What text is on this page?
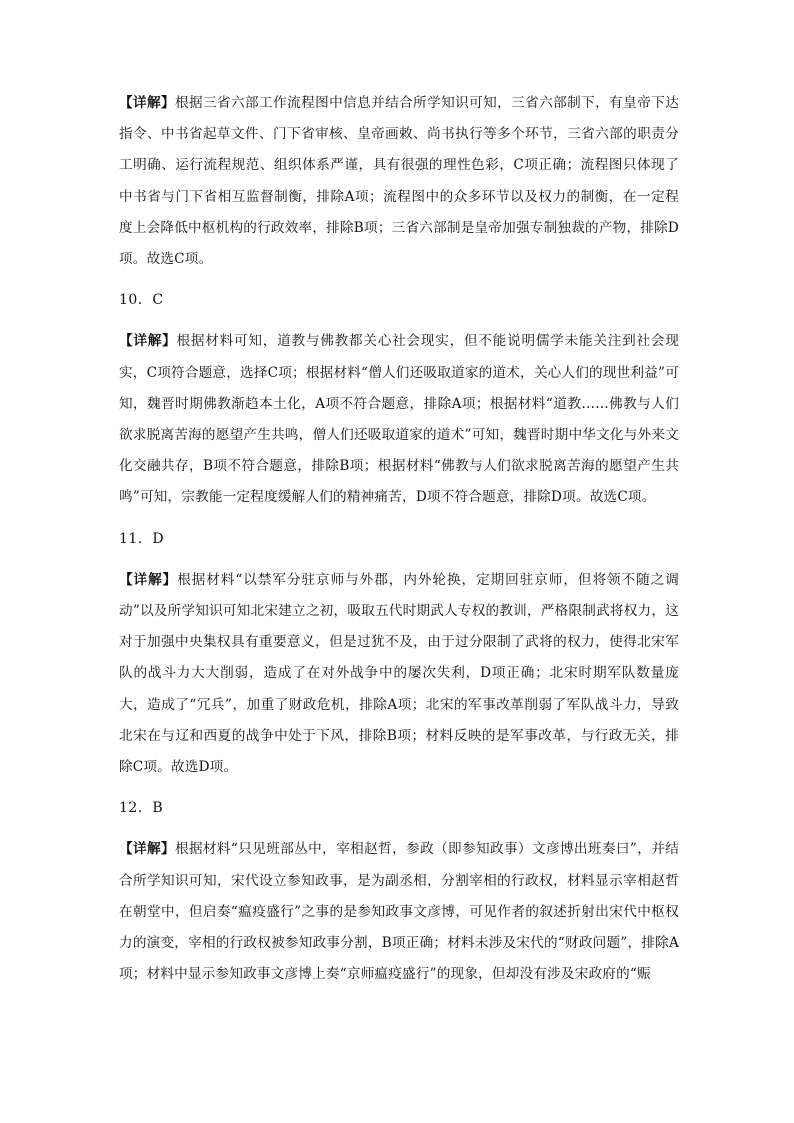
【详解】根据三省六部工作流程图中信息并结合所学知识可知，三省六部制下，有皇帝下达指令、中书省起草文件、门下省审核、皇帝画敕、尚书执行等多个环节，三省六部的职责分工明确、运行流程规范、组织体系严谨，具有很强的理性色彩，C项正确；流程图只体现了中书省与门下省相互监督制衡，排除A项；流程图中的众多环节以及权力的制衡，在一定程度上会降低中枢机构的行政效率，排除B项；三省六部制是皇帝加强专制独裁的产物，排除D项。故选C项。

10．C

【详解】根据材料可知，道教与佛教都关心社会现实，但不能说明儒学未能关注到社会现实，C项符合题意，选择C项；根据材料“僧人们还吸取道家的道术，关心人们的现世利益”可知，魏晋时期佛教渐趋本土化，A项不符合题意，排除A项；根据材料“道教……佛教与人们欲求脱离苦海的愿望产生共鸣，僧人们还吸取道家的道术”可知，魏晋时期中华文化与外来文化交融共存，B项不符合题意，排除B项；根据材料“佛教与人们欲求脱离苦海的愿望产生共鸣”可知，宗教能一定程度缓解人们的精神痛苦，D项不符合题意，排除D项。故选C项。

11．D

【详解】根据材料“以禁军分驻京师与外郡，内外轮换，定期回驻京师，但将领不随之调动”以及所学知识可知北宋建立之初，吸取五代时期武人专权的教训，严格限制武将权力，这对于加强中央集权具有重要意义，但是过犹不及，由于过分限制了武将的权力，使得北宋军队的战斗力大大削弱，造成了在对外战争中的屡次失利，D项正确；北宋时期军队数量庞大，造成了“冗兵”，加重了财政危机，排除A项；北宋的军事改革削弱了军队战斗力，导致北宋在与辽和西夏的战争中处于下风，排除B项；材料反映的是军事改革，与行政无关，排除C项。故选D项。

12．B

【详解】根据材料“只见班部丛中，宰相赵哲，参政（即参知政事）文彦博出班奏曰”，并结合所学知识可知，宋代设立参知政事，是为副丞相，分割宰相的行政权，材料显示宰相赵哲在朝堂中，但启奏“瘟疫盛行”之事的是参知政事文彦博，可见作者的叙述折射出宋代中枢权力的演变，宰相的行政权被参知政事分割，B项正确；材料未涉及宋代的“财政问题”，排除A项；材料中显示参知政事文彦博上奏“京师瘟疫盛行”的现象，但却没有涉及宋政府的“赈
